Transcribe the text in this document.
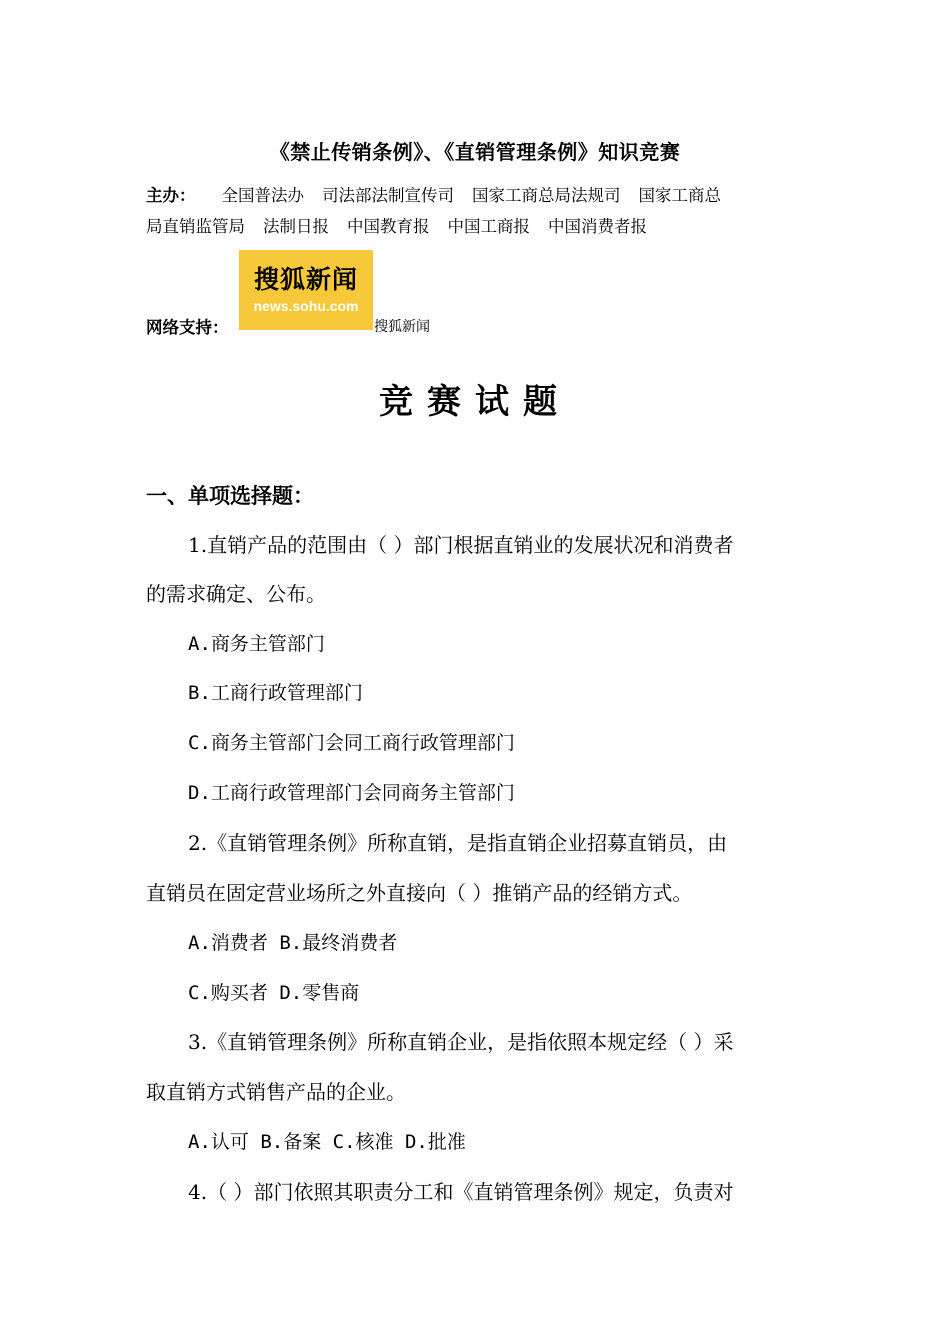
《禁止传销条例》、《直销管理条例》知识竞赛
主办： 全国普法办 司法部法制宣传司 国家工商总局法规司 国家工商总
局直销监管局 法制日报 中国教育报 中国工商报 中国消费者报
网络支持：
搜狐新闻
news.sohu.com
搜狐新闻
竞赛试题
一、单项选择题：
1.直销产品的范围由（ ）部门根据直销业的发展状况和消费者
的需求确定、公布。
A.商务主管部门
B.工商行政管理部门
C.商务主管部门会同工商行政管理部门
D.工商行政管理部门会同商务主管部门
2.《直销管理条例》所称直销，是指直销企业招募直销员，由
直销员在固定营业场所之外直接向（ ）推销产品的经销方式。
A.消费者 B.最终消费者
C.购买者 D.零售商
3.《直销管理条例》所称直销企业，是指依照本规定经（ ）采
取直销方式销售产品的企业。
A.认可 B.备案 C.核准 D.批准
4.（ ）部门依照其职责分工和《直销管理条例》规定，负责对
